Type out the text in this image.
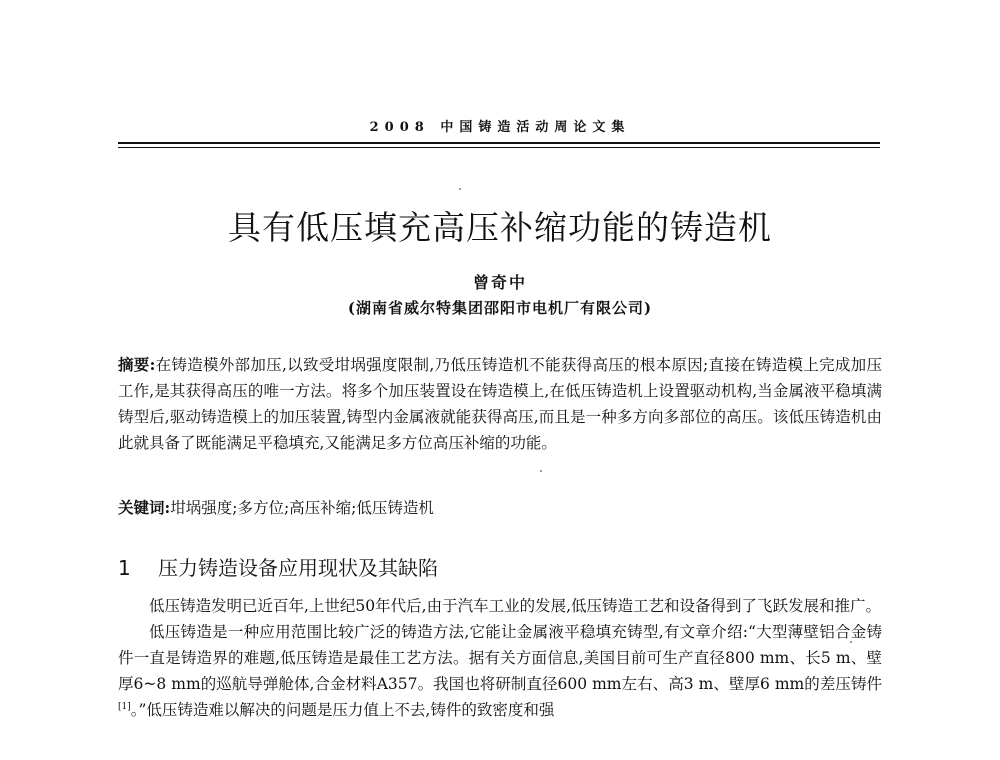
2008 中国铸造活动周论文集
具有低压填充高压补缩功能的铸造机
曾奇中
(湖南省威尔特集团邵阳市电机厂有限公司)

摘要:在铸造模外部加压,以致受坩埚强度限制,乃低压铸造机不能获得高压的根本原因;直接在铸造模上完成加压工作,是其获得高压的唯一方法。将多个加压装置设在铸造模上,在低压铸造机上设置驱动机构,当金属液平稳填满铸型后,驱动铸造模上的加压装置,铸型内金属液就能获得高压,而且是一种多方向多部位的高压。该低压铸造机由此就具备了既能满足平稳填充,又能满足多方位高压补缩的功能。

关键词:坩埚强度;多方位;高压补缩;低压铸造机

1 压力铸造设备应用现状及其缺陷

低压铸造发明已近百年,上世纪50年代后,由于汽车工业的发展,低压铸造工艺和设备得到了飞跃发展和推广。

低压铸造是一种应用范围比较广泛的铸造方法,它能让金属液平稳填充铸型,有文章介绍:“大型薄壁铝合金铸件一直是铸造界的难题,低压铸造是最佳工艺方法。据有关方面信息,美国目前可生产直径800 mm、长5 m、壁厚6~8 mm的巡航导弹舱体,合金材料A357。我国也将研制直径600 mm左右、高3 m、壁厚6 mm的差压铸件[1]。”低压铸造难以解决的问题是压力值上不去,铸件的致密度和强
